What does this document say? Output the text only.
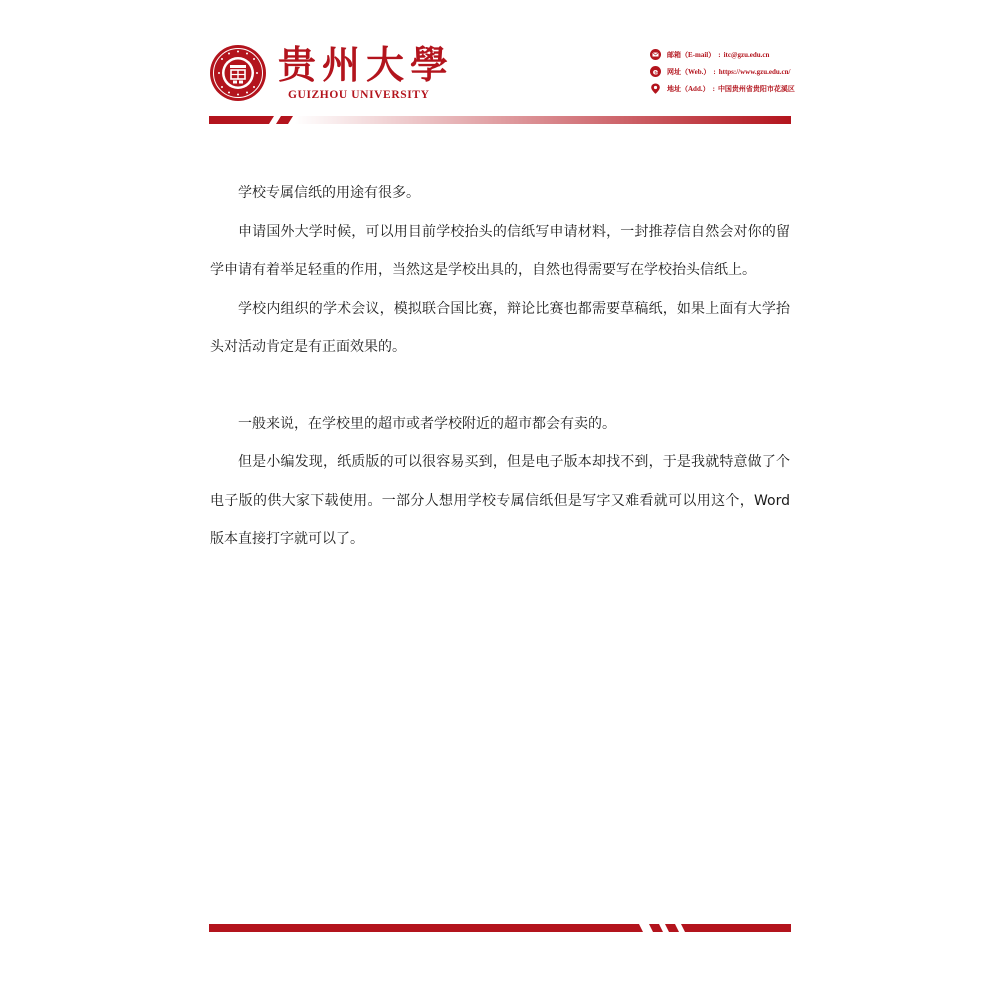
贵州大學
GUIZHOU UNIVERSITY
邮箱（E-mail） : itc@gzu.edu.cn
e 网址（Web.） : https://www.gzu.edu.cn/
地址（Add.） : 中国贵州省贵阳市花溪区

学校专属信纸的用途有很多。

申请国外大学时候，可以用目前学校抬头的信纸写申请材料，一封推荐信自然会对你的留学申请有着举足轻重的作用，当然这是学校出具的，自然也得需要写在学校抬头信纸上。

学校内组织的学术会议，模拟联合国比赛，辩论比赛也都需要草稿纸，如果上面有大学抬头对活动肯定是有正面效果的。

一般来说，在学校里的超市或者学校附近的超市都会有卖的。

但是小编发现，纸质版的可以很容易买到，但是电子版本却找不到，于是我就特意做了个电子版的供大家下载使用。一部分人想用学校专属信纸但是写字又难看就可以用这个，Word版本直接打字就可以了。
